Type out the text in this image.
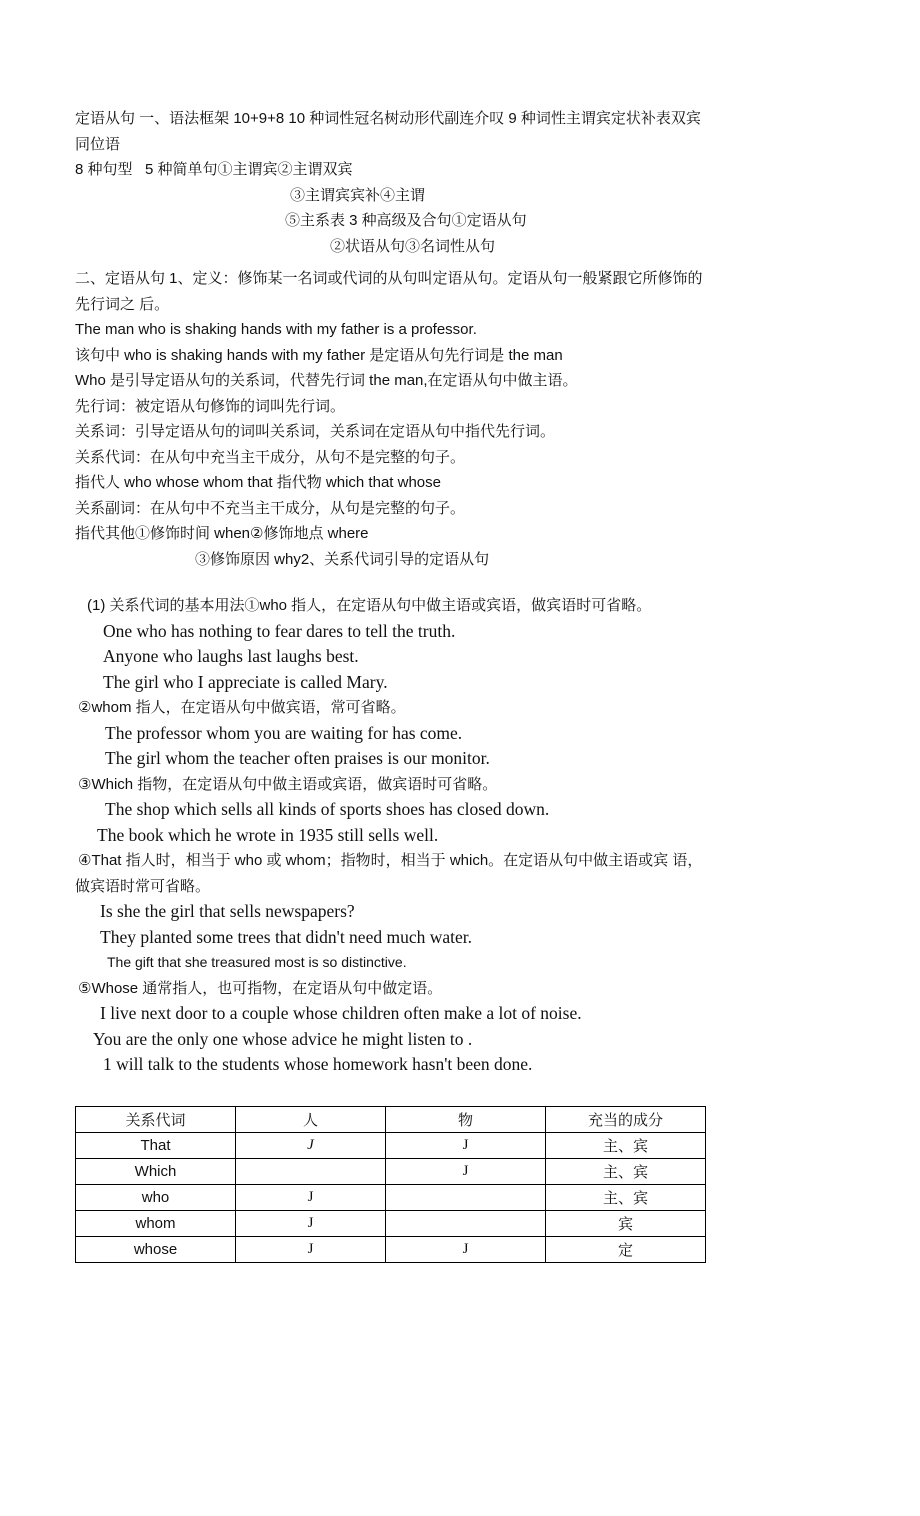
定语从句 一、语法框架 10+9+8 10 种词性冠名树动形代副连介叹 9 种词性主谓宾定状补表双宾
同位语
8 种句型   5 种简单句①主谓宾②主谓双宾
③主谓宾宾补④主谓
⑤主系表 3 种高级及合句①定语从句
②状语从句③名词性从句
二、定语从句 1、定义：修饰某一名词或代词的从句叫定语从句。定语从句一般紧跟它所修饰的
先行词之 后。
The man who is shaking hands with my father is a professor.
该句中 who is shaking hands with my father 是定语从句先行词是 the man
Who 是引导定语从句的关系词，代替先行词 the man,在定语从句中做主语。
先行词：被定语从句修饰的词叫先行词。
关系词：引导定语从句的词叫关系词，关系词在定语从句中指代先行词。
关系代词：在从句中充当主干成分，从句不是完整的句子。
指代人 who whose whom that 指代物 which that whose
关系副词：在从句中不充当主干成分，从句是完整的句子。
指代其他①修饰时间 when②修饰地点 where
③修饰原因 why2、关系代词引导的定语从句
(1) 关系代词的基本用法①who 指人，在定语从句中做主语或宾语，做宾语时可省略。
One who has nothing to fear dares to tell the truth.
Anyone who laughs last laughs best.
The girl who I appreciate is called Mary.
②whom 指人，在定语从句中做宾语，常可省略。
The professor whom you are waiting for has come.
The girl whom the teacher often praises is our monitor.
③Which 指物，在定语从句中做主语或宾语，做宾语时可省略。
The shop which sells all kinds of sports shoes has closed down.
The book which he wrote in 1935 still sells well.
④That 指人时，相当于 who 或 whom；指物时，相当于 which。在定语从句中做主语或宾 语，
做宾语时常可省略。
Is she the girl that sells newspapers?
They planted some trees that didn't need much water.
The gift that she treasured most is so distinctive.
⑤Whose 通常指人，也可指物，在定语从句中做定语。
I live next door to a couple whose children often make a lot of noise.
You are the only one whose advice he might listen to .
1 will talk to the students whose homework hasn't been done.
关系代词	人	物	充当的成分
That	J	J	主、宾
Which		J	主、宾
who	J		主、宾
whom	J		宾
whose	J	J	定
